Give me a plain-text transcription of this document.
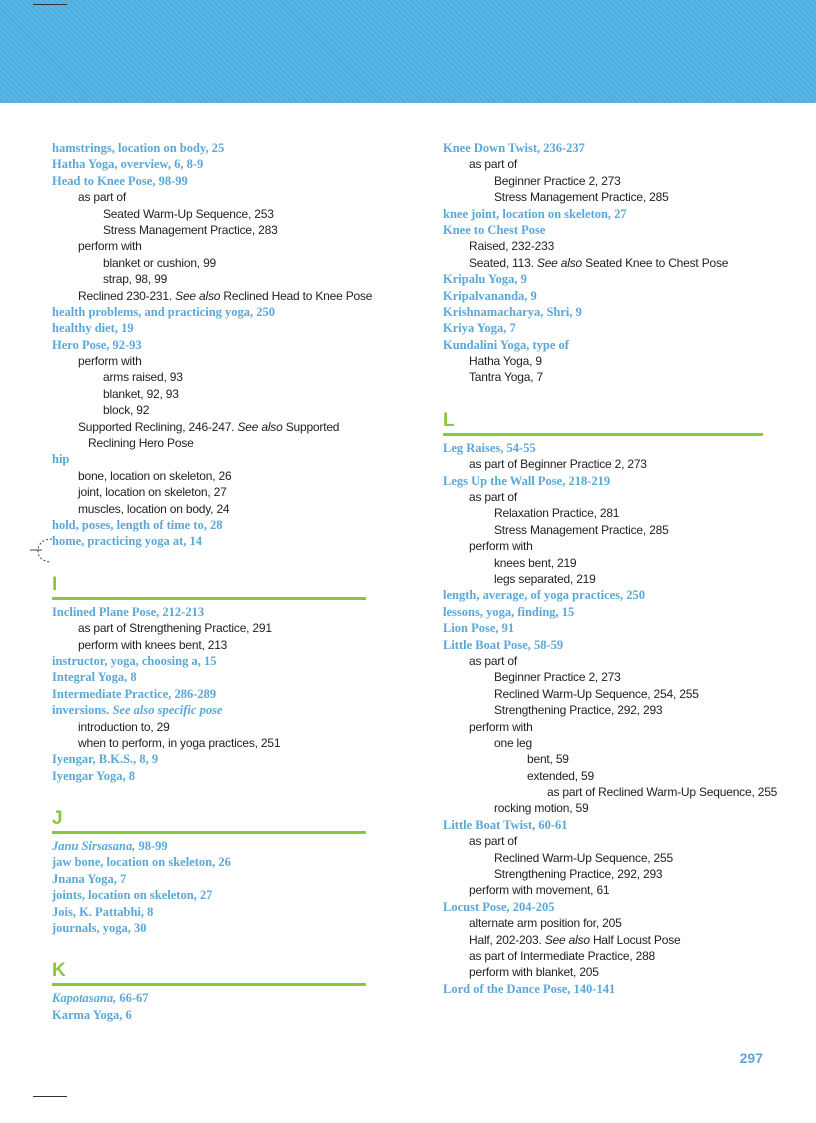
hamstrings, location on body, 25
Hatha Yoga, overview, 6, 8-9
Head to Knee Pose, 98-99
as part of
Seated Warm-Up Sequence, 253
Stress Management Practice, 283
perform with
blanket or cushion, 99
strap, 98, 99
Reclined 230-231. See also Reclined Head to Knee Pose
health problems, and practicing yoga, 250
healthy diet, 19
Hero Pose, 92-93
perform with
arms raised, 93
blanket, 92, 93
block, 92
Supported Reclining, 246-247. See also Supported
Reclining Hero Pose
hip
bone, location on skeleton, 26
joint, location on skeleton, 27
muscles, location on body, 24
hold, poses, length of time to, 28
home, practicing yoga at, 14
I
Inclined Plane Pose, 212-213
as part of Strengthening Practice, 291
perform with knees bent, 213
instructor, yoga, choosing a, 15
Integral Yoga, 8
Intermediate Practice, 286-289
inversions. See also specific pose
introduction to, 29
when to perform, in yoga practices, 251
Iyengar, B.K.S., 8, 9
Iyengar Yoga, 8
J
Janu Sirsasana, 98-99
jaw bone, location on skeleton, 26
Jnana Yoga, 7
joints, location on skeleton, 27
Jois, K. Pattabhi, 8
journals, yoga, 30
K
Kapotasana, 66-67
Karma Yoga, 6
Knee Down Twist, 236-237
as part of
Beginner Practice 2, 273
Stress Management Practice, 285
knee joint, location on skeleton, 27
Knee to Chest Pose
Raised, 232-233
Seated, 113. See also Seated Knee to Chest Pose
Kripalu Yoga, 9
Kripalvananda, 9
Krishnamacharya, Shri, 9
Kriya Yoga, 7
Kundalini Yoga, type of
Hatha Yoga, 9
Tantra Yoga, 7
L
Leg Raises, 54-55
as part of Beginner Practice 2, 273
Legs Up the Wall Pose, 218-219
as part of
Relaxation Practice, 281
Stress Management Practice, 285
perform with
knees bent, 219
legs separated, 219
length, average, of yoga practices, 250
lessons, yoga, finding, 15
Lion Pose, 91
Little Boat Pose, 58-59
as part of
Beginner Practice 2, 273
Reclined Warm-Up Sequence, 254, 255
Strengthening Practice, 292, 293
perform with
one leg
bent, 59
extended, 59
as part of Reclined Warm-Up Sequence, 255
rocking motion, 59
Little Boat Twist, 60-61
as part of
Reclined Warm-Up Sequence, 255
Strengthening Practice, 292, 293
perform with movement, 61
Locust Pose, 204-205
alternate arm position for, 205
Half, 202-203. See also Half Locust Pose
as part of Intermediate Practice, 288
perform with blanket, 205
Lord of the Dance Pose, 140-141
297
